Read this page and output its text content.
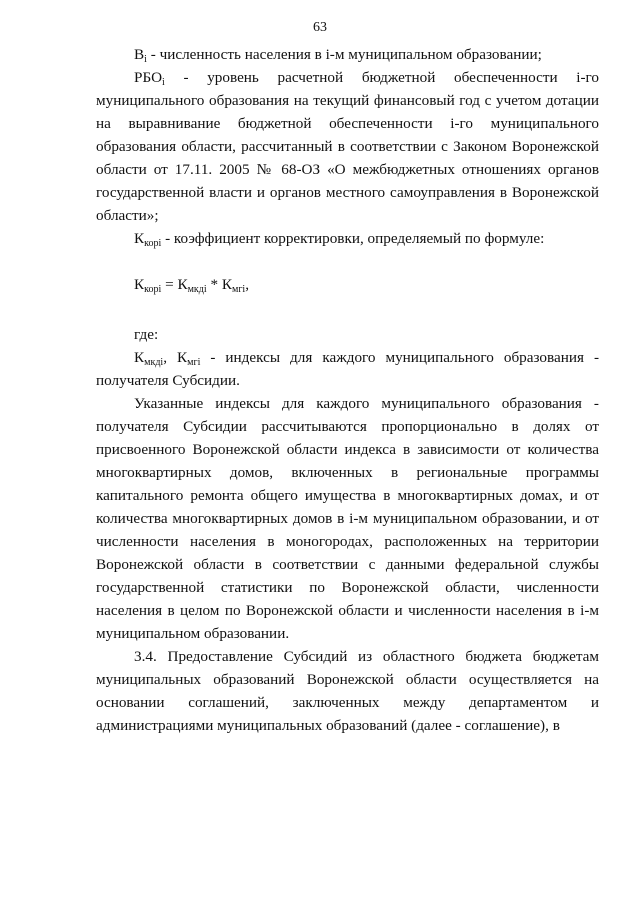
63

$B_i$ - численность населения в i-м муниципальном образовании;

$РБО_i$ - уровень расчетной бюджетной обеспеченности i-го муниципального образования на текущий финансовый год с учетом дотации на выравнивание бюджетной обеспеченности i-го муниципального образования области, рассчитанный в соответствии с Законом Воронежской области от 17.11. 2005 № 68-ОЗ «О межбюджетных отношениях органов государственной власти и органов местного самоуправления в Воронежской области»;

$К_{корi}$ - коэффициент корректировки, определяемый по формуле:

$К_{корi} = К_{мкдi} * К_{мгi}$,

где:

$К_{мкдi}$, $К_{мгi}$ - индексы для каждого муниципального образования - получателя Субсидии.

Указанные индексы для каждого муниципального образования - получателя Субсидии рассчитываются пропорционально в долях от присвоенного Воронежской области индекса в зависимости от количества многоквартирных домов, включенных в региональные программы капитального ремонта общего имущества в многоквартирных домах, и от количества многоквартирных домов в i-м муниципальном образовании, и от численности населения в моногородах, расположенных на территории Воронежской области в соответствии с данными федеральной службы государственной статистики по Воронежской области, численности населения в целом по Воронежской области и численности населения в i-м муниципальном образовании.

3.4. Предоставление Субсидий из областного бюджета бюджетам муниципальных образований Воронежской области осуществляется на основании соглашений, заключенных между департаментом и администрациями муниципальных образований (далее - соглашение), в
